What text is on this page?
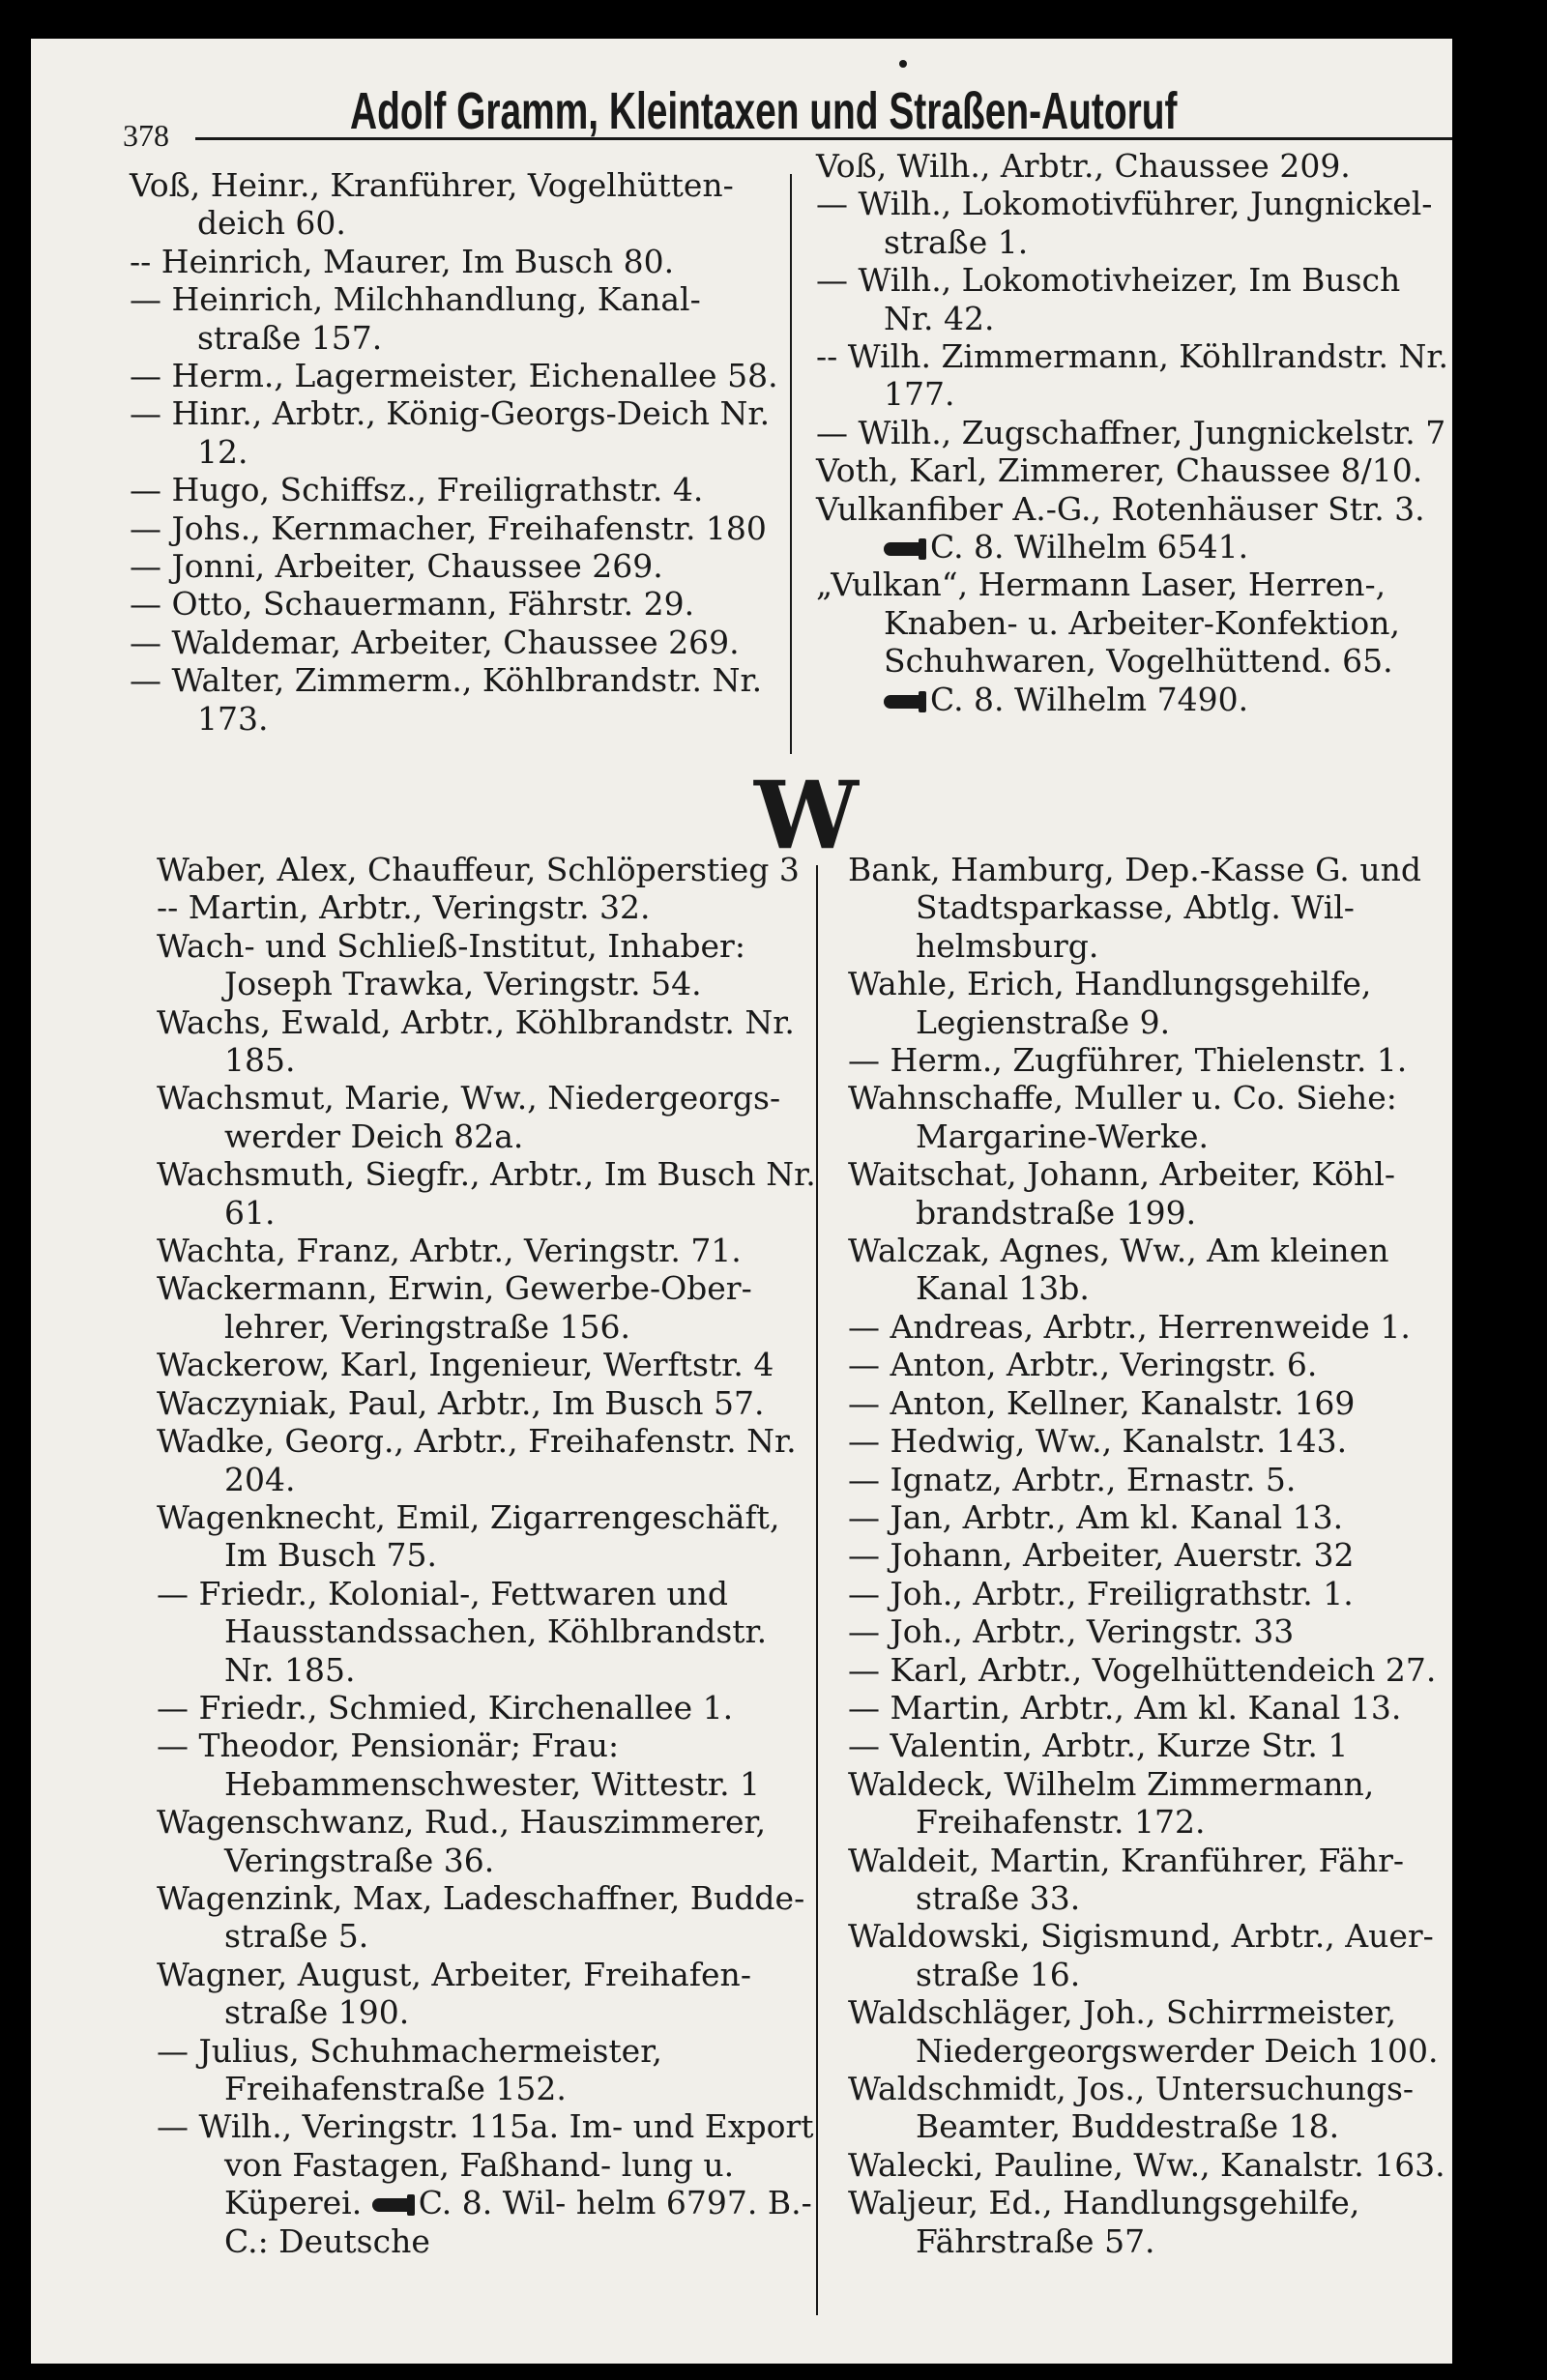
378	Adolf Gramm, Kleintaxen und Straßen-Autoruf

Voß, Heinr., Kranführer, Vogelhütten- deich 60.

-- Heinrich, Maurer, Im Busch 80.

— Heinrich, Milchhandlung, Kanal- straße 157.

— Herm., Lagermeister, Eichenallee 58.

— Hinr., Arbtr., König-Georgs-Deich Nr. 12.

— Hugo, Schiffsz., Freiligrathstr. 4.

— Johs., Kernmacher, Freihafenstr. 180

— Jonni, Arbeiter, Chaussee 269.

— Otto, Schauermann, Fährstr. 29.

— Waldemar, Arbeiter, Chaussee 269.

— Walter, Zimmerm., Köhlbrandstr. Nr. 173.

Voß, Wilh., Arbtr., Chaussee 209.

— Wilh., Lokomotivführer, Jungnickel- straße 1.

— Wilh., Lokomotivheizer, Im Busch Nr. 42.

-- Wilh. Zimmermann, Köhllrandstr. Nr. 177.

— Wilh., Zugschaffner, Jungnickelstr. 7

Voth, Karl, Zimmerer, Chaussee 8/10.

Vulkanfiber A.-G., Rotenhäuser Str. 3.
C. 8. Wilhelm 6541.

„Vulkan“, Hermann Laser, Herren-, Knaben- u. Arbeiter-Konfektion, Schuhwaren, Vogelhüttend. 65.
C. 8. Wilhelm 7490.

W

Waber, Alex, Chauffeur, Schlöperstieg 3

-- Martin, Arbtr., Veringstr. 32.

Wach- und Schließ-Institut, Inhaber: Joseph Trawka, Veringstr. 54.

Wachs, Ewald, Arbtr., Köhlbrandstr. Nr. 185.

Wachsmut, Marie, Ww., Niedergeorgs- werder Deich 82a.

Wachsmuth, Siegfr., Arbtr., Im Busch Nr. 61.

Wachta, Franz, Arbtr., Veringstr. 71.

Wackermann, Erwin, Gewerbe-Ober- lehrer, Veringstraße 156.

Wackerow, Karl, Ingenieur, Werftstr. 4

Waczyniak, Paul, Arbtr., Im Busch 57.

Wadke, Georg., Arbtr., Freihafenstr. Nr. 204.

Wagenknecht, Emil, Zigarrengeschäft, Im Busch 75.

— Friedr., Kolonial-, Fettwaren und Hausstandssachen, Köhlbrandstr. Nr. 185.

— Friedr., Schmied, Kirchenallee 1.

— Theodor, Pensionär; Frau: Hebammenschwester, Wittestr. 1

Wagenschwanz, Rud., Hauszimmerer, Veringstraße 36.

Wagenzink, Max, Ladeschaffner, Budde- straße 5.

Wagner, August, Arbeiter, Freihafen- straße 190.

— Julius, Schuhmachermeister, Freihafenstraße 152.

— Wilh., Veringstr. 115a. Im- und Export von Fastagen, Faßhand- lung u. Küperei. C. 8. Wil- helm 6797. B.-C.: Deutsche

Bank, Hamburg, Dep.-Kasse G. und Stadtsparkasse, Abtlg. Wil- helmsburg.

Wahle, Erich, Handlungsgehilfe, Legienstraße 9.

— Herm., Zugführer, Thielenstr. 1.

Wahnschaffe, Muller u. Co. Siehe: Margarine-Werke.

Waitschat, Johann, Arbeiter, Köhl- brandstraße 199.

Walczak, Agnes, Ww., Am kleinen Kanal 13b.

— Andreas, Arbtr., Herrenweide 1.

— Anton, Arbtr., Veringstr. 6.

— Anton, Kellner, Kanalstr. 169

— Hedwig, Ww., Kanalstr. 143.

— Ignatz, Arbtr., Ernastr. 5.

— Jan, Arbtr., Am kl. Kanal 13.

— Johann, Arbeiter, Auerstr. 32

— Joh., Arbtr., Freiligrathstr. 1.

— Joh., Arbtr., Veringstr. 33

— Karl, Arbtr., Vogelhüttendeich 27.

— Martin, Arbtr., Am kl. Kanal 13.

— Valentin, Arbtr., Kurze Str. 1

Waldeck, Wilhelm Zimmermann, Freihafenstr. 172.

Waldeit, Martin, Kranführer, Fähr- straße 33.

Waldowski, Sigismund, Arbtr., Auer- straße 16.

Waldschläger, Joh., Schirrmeister, Niedergeorgswerder Deich 100.

Waldschmidt, Jos., Untersuchungs- Beamter, Buddestraße 18.

Walecki, Pauline, Ww., Kanalstr. 163.

Waljeur, Ed., Handlungsgehilfe, Fährstraße 57.
